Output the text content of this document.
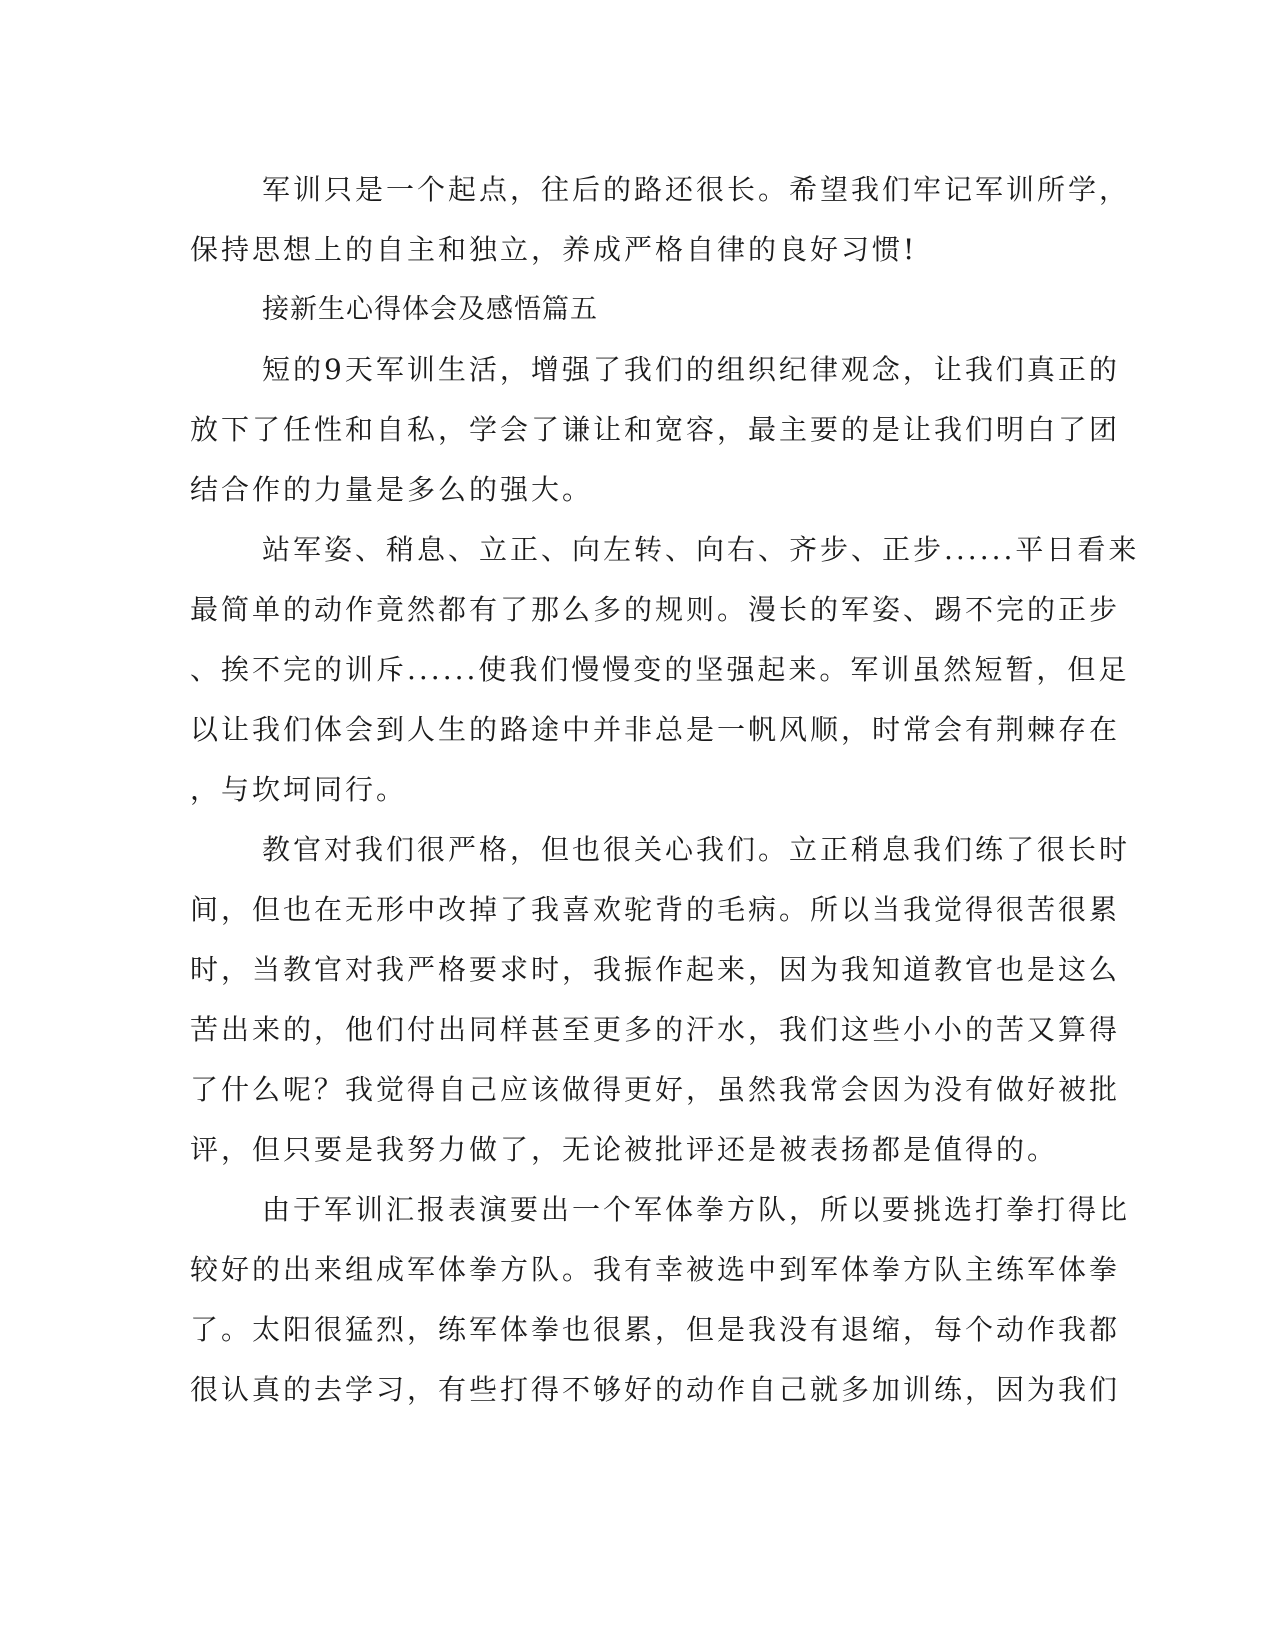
军训只是一个起点，往后的路还很长。希望我们牢记军训所学，
保持思想上的自主和独立，养成严格自律的良好习惯!
接新生心得体会及感悟篇五
短的9天军训生活，增强了我们的组织纪律观念，让我们真正的
放下了任性和自私，学会了谦让和宽容，最主要的是让我们明白了团
结合作的力量是多么的强大。
站军姿、稍息、立正、向左转、向右、齐步、正步......平日看来
最简单的动作竟然都有了那么多的规则。漫长的军姿、踢不完的正步
、挨不完的训斥......使我们慢慢变的坚强起来。军训虽然短暂，但足
以让我们体会到人生的路途中并非总是一帆风顺，时常会有荆棘存在
，与坎坷同行。
教官对我们很严格，但也很关心我们。立正稍息我们练了很长时
间，但也在无形中改掉了我喜欢驼背的毛病。所以当我觉得很苦很累
时，当教官对我严格要求时，我振作起来，因为我知道教官也是这么
苦出来的，他们付出同样甚至更多的汗水，我们这些小小的苦又算得
了什么呢？我觉得自己应该做得更好，虽然我常会因为没有做好被批
评，但只要是我努力做了，无论被批评还是被表扬都是值得的。
由于军训汇报表演要出一个军体拳方队，所以要挑选打拳打得比
较好的出来组成军体拳方队。我有幸被选中到军体拳方队主练军体拳
了。太阳很猛烈，练军体拳也很累，但是我没有退缩，每个动作我都
很认真的去学习，有些打得不够好的动作自己就多加训练，因为我们
